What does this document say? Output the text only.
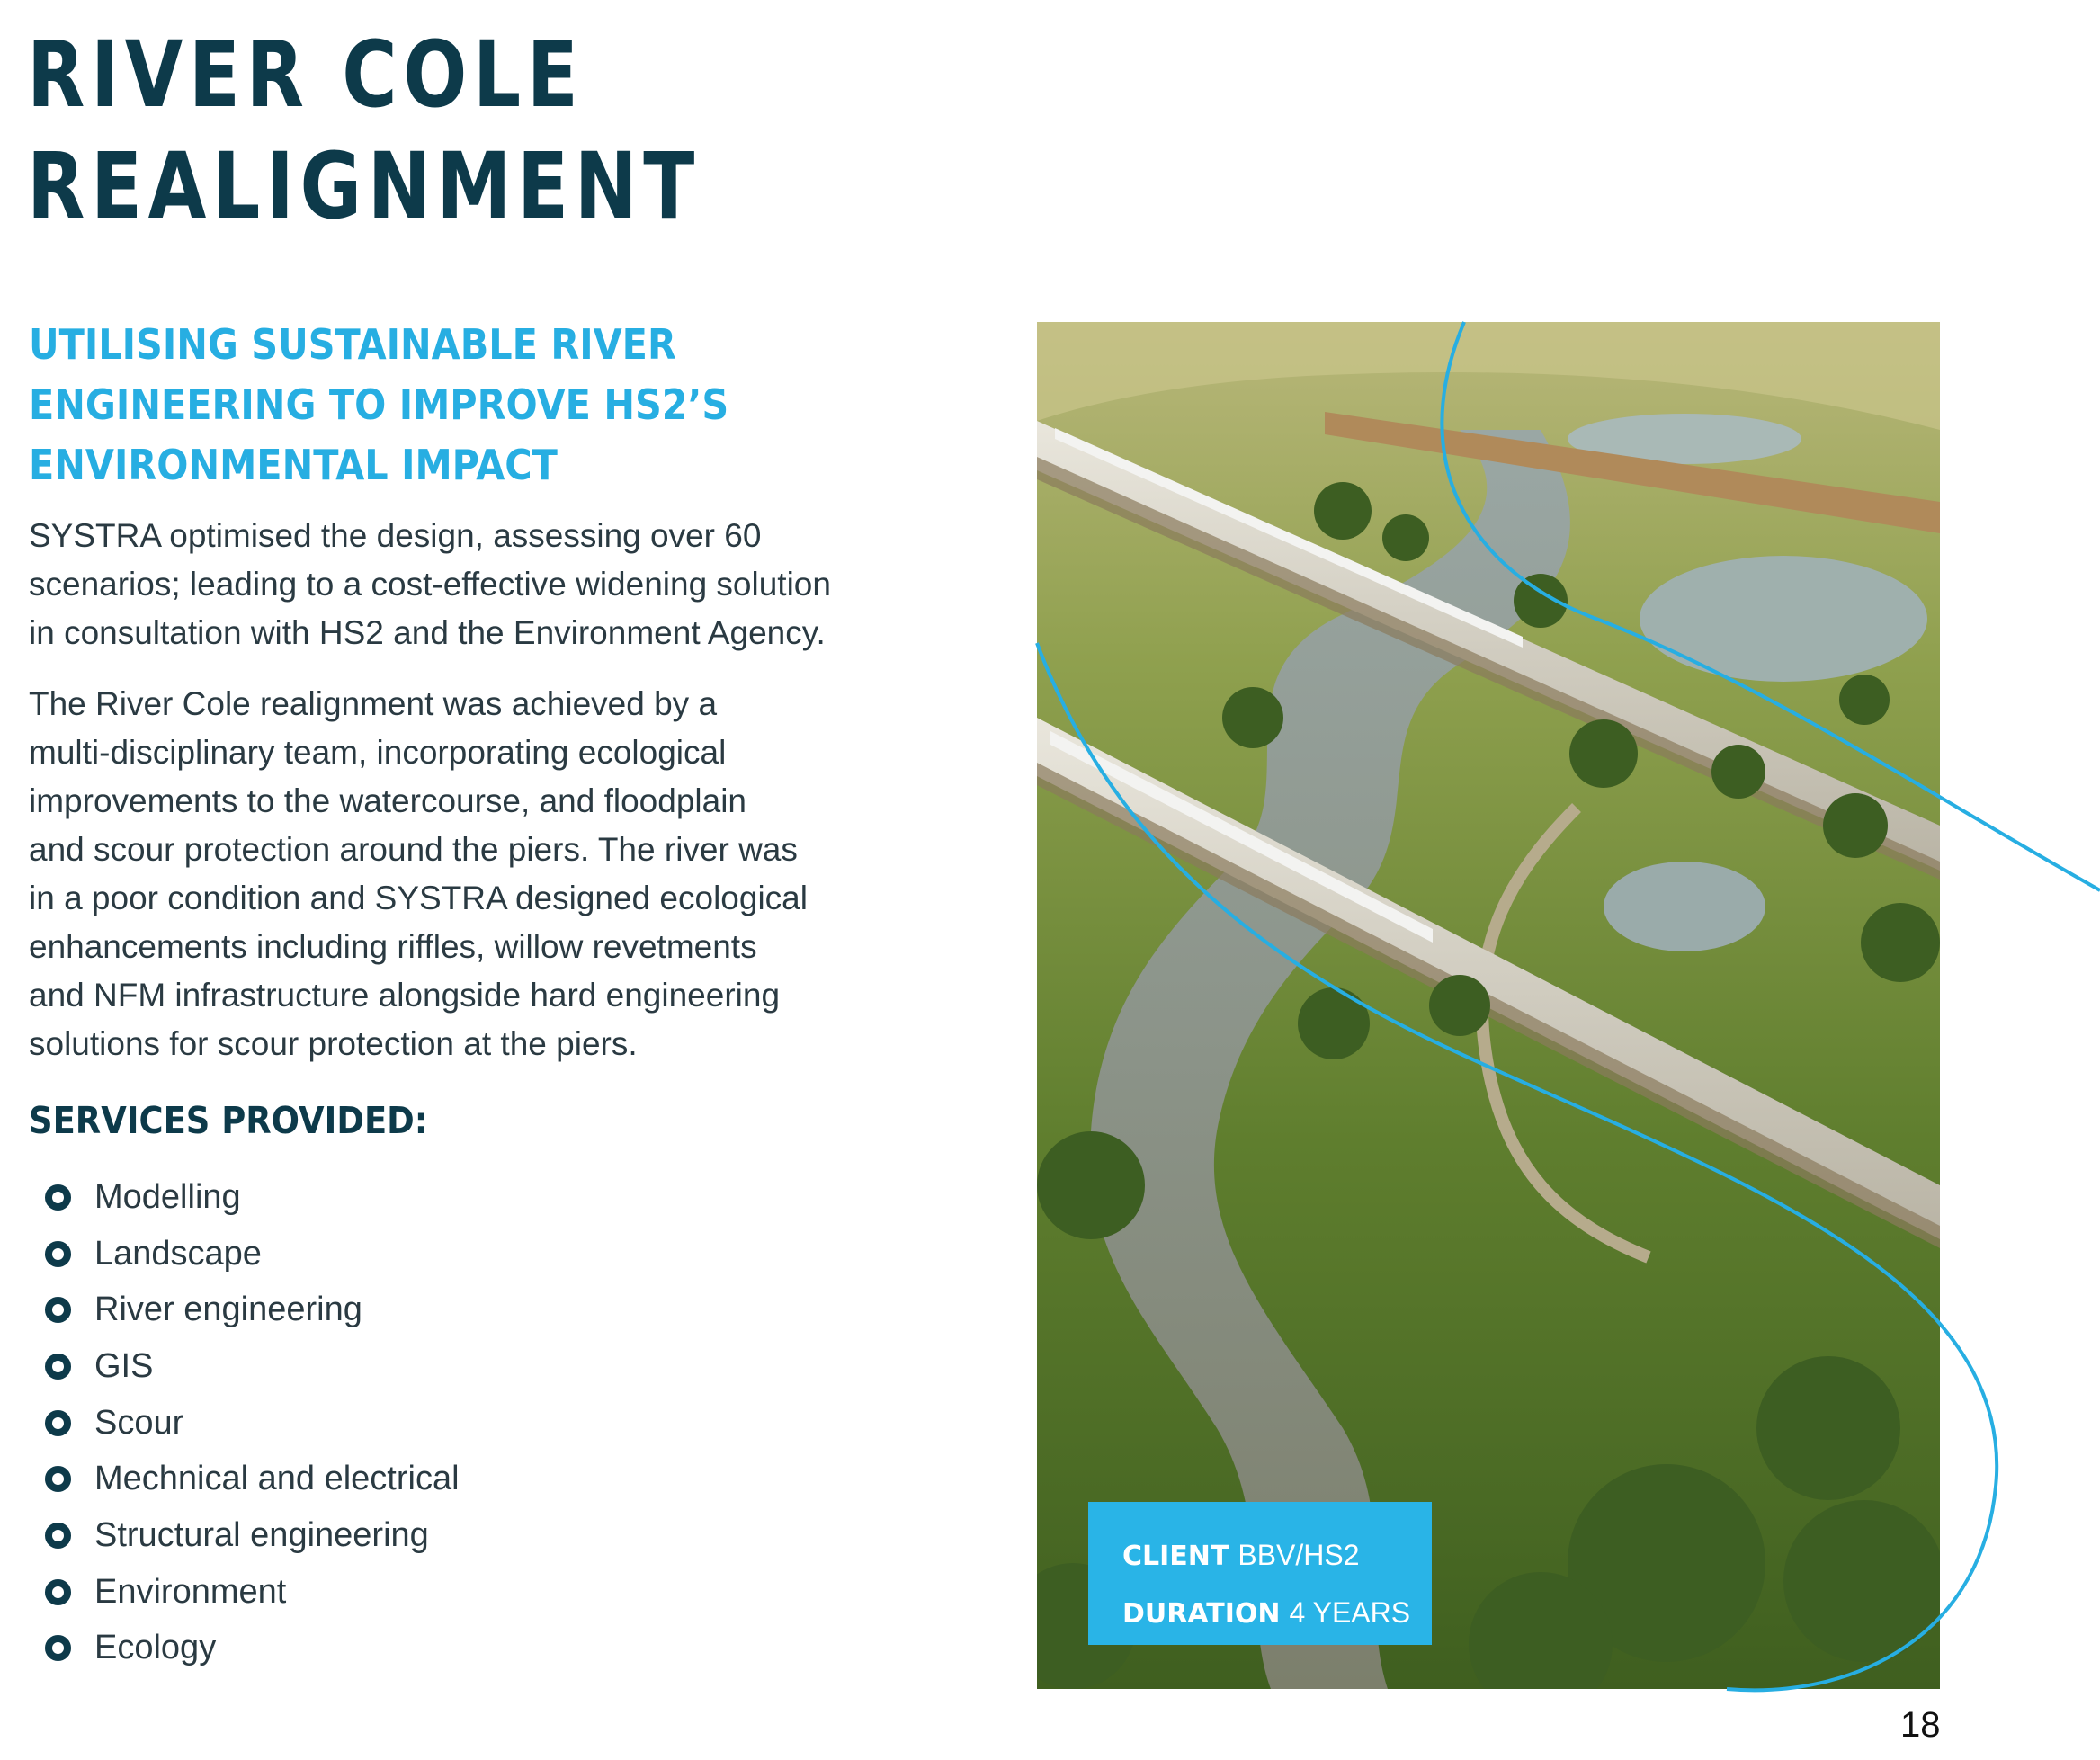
RIVER COLE
REALIGNMENT
UTILISING SUSTAINABLE RIVER
ENGINEERING TO IMPROVE HS2’S
ENVIRONMENTAL IMPACT

SYSTRA optimised the design, assessing over 60
scenarios; leading to a cost-effective widening solution
in consultation with HS2 and the Environment Agency.

The River Cole realignment was achieved by a
multi-disciplinary team, incorporating ecological
improvements to the watercourse, and floodplain
and scour protection around the piers. The river was
in a poor condition and SYSTRA designed ecological
enhancements including riffles, willow revetments
and NFM infrastructure alongside hard engineering
solutions for scour protection at the piers.

SERVICES PROVIDED:
Modelling
Landscape
River engineering
GIS
Scour
Mechnical and electrical
Structural engineering
Environment
Ecology
CLIENT BBV/HS2
DURATION 4 YEARS
18
